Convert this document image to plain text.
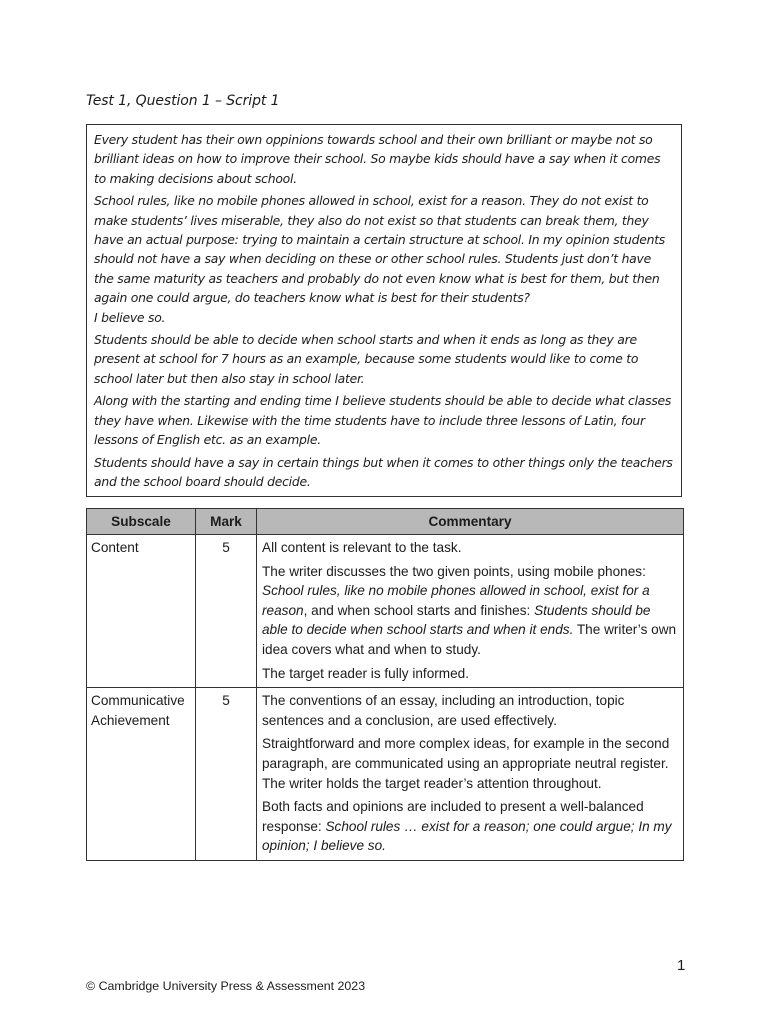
Test 1, Question 1 – Script 1

Every student has their own oppinions towards school and their own brilliant or maybe not so brilliant ideas on how to improve their school. So maybe kids should have a say when it comes to making decisions about school.

School rules, like no mobile phones allowed in school, exist for a reason. They do not exist to make students’ lives miserable, they also do not exist so that students can break them, they have an actual purpose: trying to maintain a certain structure at school. In my opinion students should not have a say when deciding on these or other school rules. Students just don’t have the same maturity as teachers and probably do not even know what is best for them, but then again one could argue, do teachers know what is best for their students?
I believe so.

Students should be able to decide when school starts and when it ends as long as they are present at school for 7 hours as an example, because some students would like to come to school later but then also stay in school later.

Along with the starting and ending time I believe students should be able to decide what classes they have when. Likewise with the time students have to include three lessons of Latin, four lessons of English etc. as an example.

Students should have a say in certain things but when it comes to other things only the teachers and the school board should decide.

Subscale	Mark	Commentary
Content	5	All content is relevant to the task.

The writer discusses the two given points, using mobile phones: School rules, like no mobile phones allowed in school, exist for a reason, and when school starts and finishes: Students should be able to decide when school starts and when it ends. The writer’s own idea covers what and when to study.

The target reader is fully informed.

Communicative Achievement	5	The conventions of an essay, including an introduction, topic sentences and a conclusion, are used effectively.

Straightforward and more complex ideas, for example in the second paragraph, are communicated using an appropriate neutral register. The writer holds the target reader’s attention throughout.

Both facts and opinions are included to present a well-balanced response: School rules … exist for a reason; one could argue; In my opinion; I believe so.

1
© Cambridge University Press & Assessment 2023
